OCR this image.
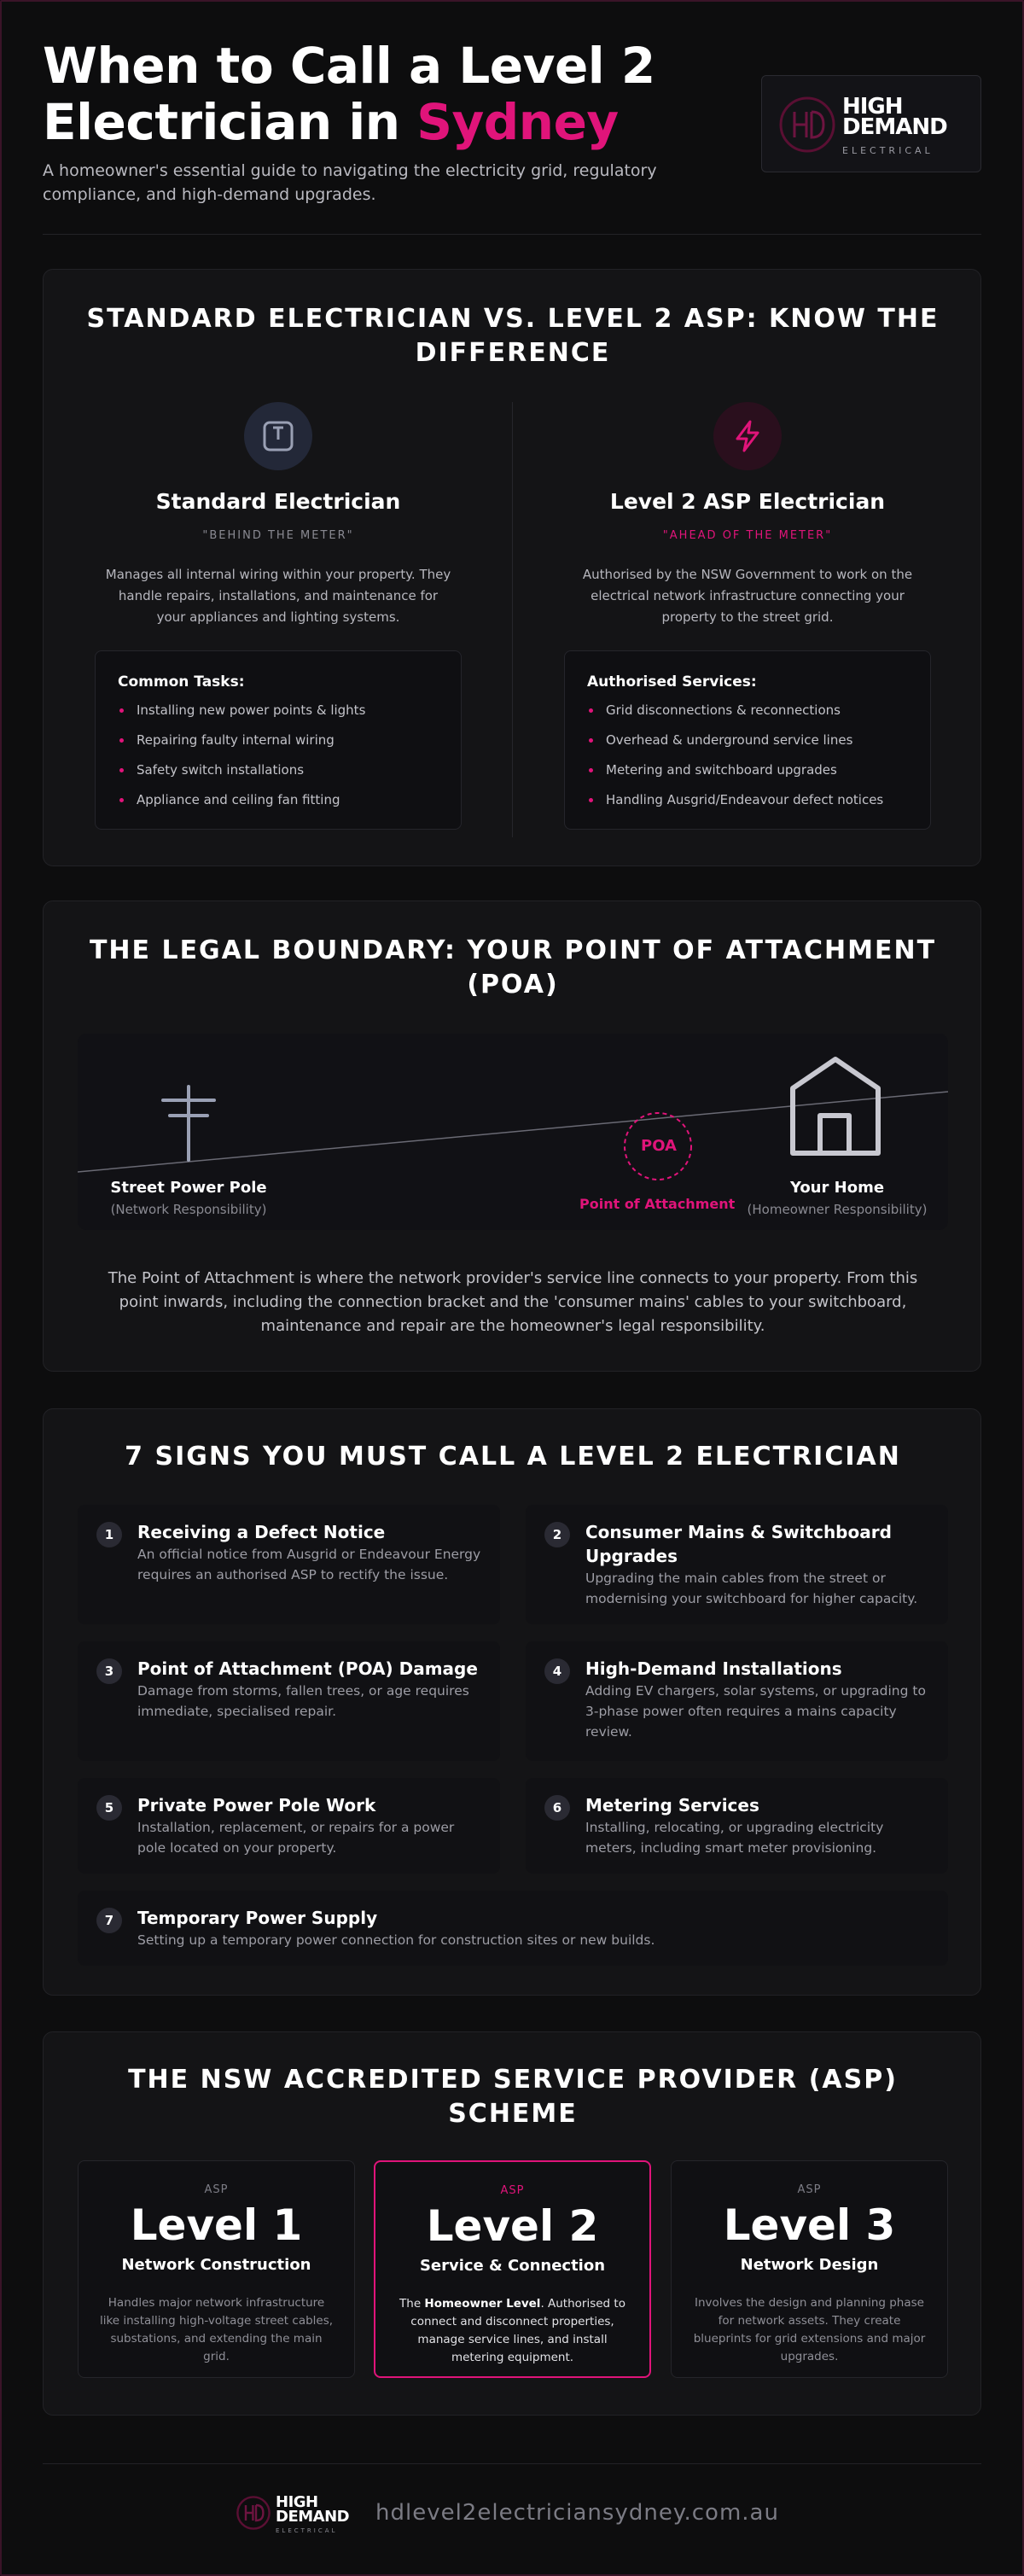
When to Call a Level 2
Electrician in Sydney

A homeowner's essential guide to navigating the electricity grid, regulatory compliance, and high-demand upgrades.

HIGH
DEMAND
ELECTRICAL
STANDARD ELECTRICIAN VS. LEVEL 2 ASP: KNOW THE DIFFERENCE
Standard Electrician
"BEHIND THE METER"

Manages all internal wiring within your property. They handle repairs, installations, and maintenance for your appliances and lighting systems.

Common Tasks:
Installing new power points & lights
Repairing faulty internal wiring
Safety switch installations
Appliance and ceiling fan fitting
Level 2 ASP Electrician
"AHEAD OF THE METER"

Authorised by the NSW Government to work on the electrical network infrastructure connecting your property to the street grid.

Authorised Services:
Grid disconnections & reconnections
Overhead & underground service lines
Metering and switchboard upgrades
Handling Ausgrid/Endeavour defect notices
THE LEGAL BOUNDARY: YOUR POINT OF ATTACHMENT (POA)
POA
Street Power Pole
(Network Responsibility)
Your Home
(Homeowner Responsibility)
Point of Attachment

The Point of Attachment is where the network provider's service line connects to your property. From this point inwards, including the connection bracket and the 'consumer mains' cables to your switchboard, maintenance and repair are the homeowner's legal responsibility.

7 SIGNS YOU MUST CALL A LEVEL 2 ELECTRICIAN
1	Receiving a Defect Notice

An official notice from Ausgrid or Endeavour Energy requires an authorised ASP to rectify the issue.

2	Consumer Mains & Switchboard Upgrades

Upgrading the main cables from the street or modernising your switchboard for higher capacity.

3	Point of Attachment (POA) Damage

Damage from storms, fallen trees, or age requires immediate, specialised repair.

4	High-Demand Installations

Adding EV chargers, solar systems, or upgrading to 3-phase power often requires a mains capacity review.

5	Private Power Pole Work

Installation, replacement, or repairs for a power pole located on your property.

6	Metering Services

Installing, relocating, or upgrading electricity meters, including smart meter provisioning.

7	Temporary Power Supply

Setting up a temporary power connection for construction sites or new builds.

THE NSW ACCREDITED SERVICE PROVIDER (ASP) SCHEME
ASP
Level 1
Network Construction
Handles major network infrastructure like installing high-voltage street cables, substations, and extending the main grid.
ASP
Level 2
Service & Connection
The Homeowner Level. Authorised to connect and disconnect properties, manage service lines, and install metering equipment.
ASP
Level 3
Network Design
Involves the design and planning phase for network assets. They create blueprints for grid extensions and major upgrades.
HIGH
DEMAND
ELECTRICAL
hdlevel2electriciansydney.com.au
